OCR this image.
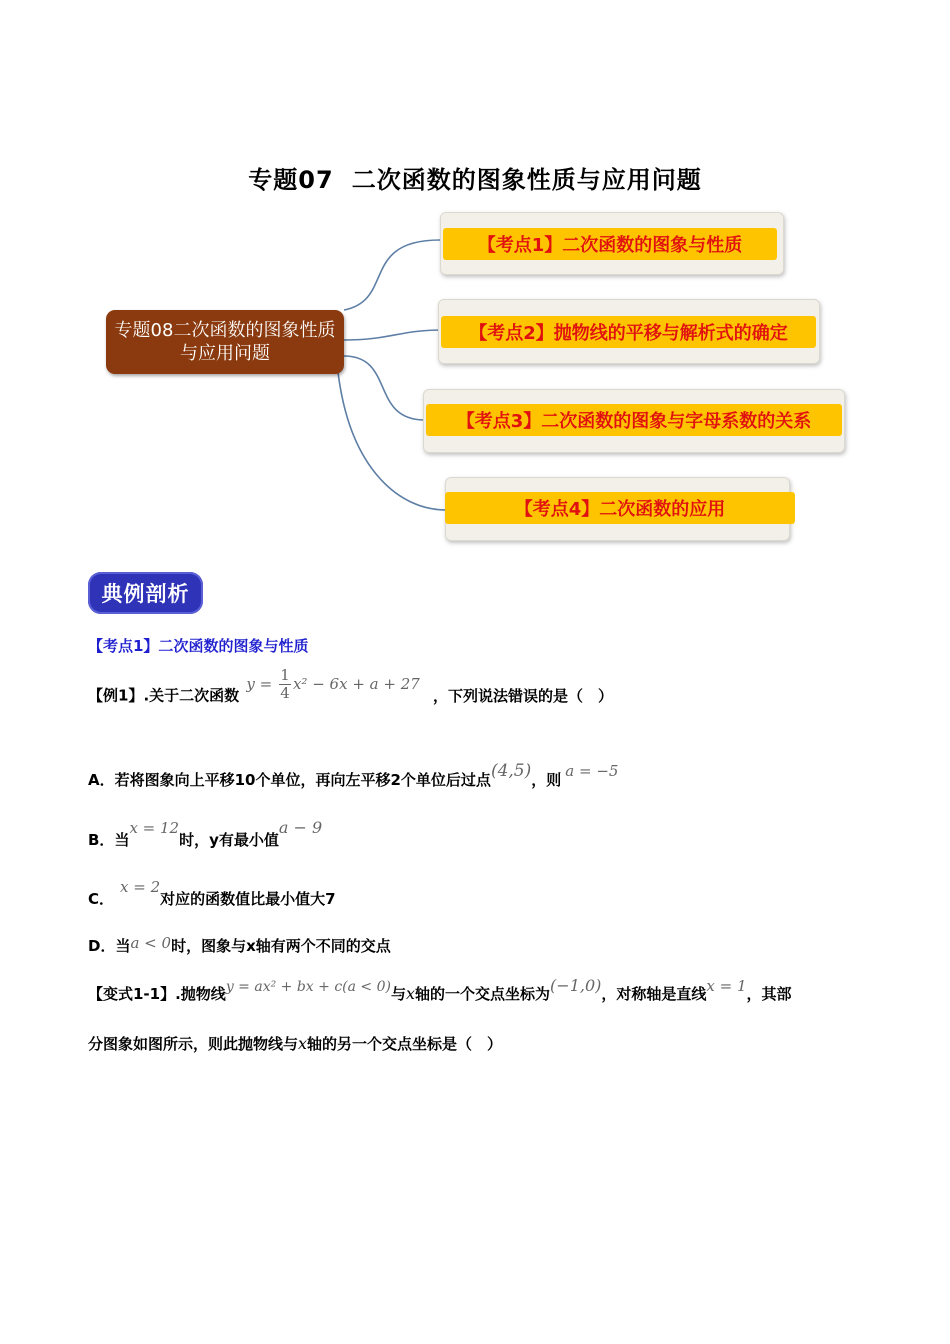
专题07 二次函数的图象性质与应用问题
专题08二次函数的图象性质与应用问题
【考点1】二次函数的图象与性质
【考点2】抛物线的平移与解析式的确定
【考点3】二次函数的图象与字母系数的关系
【考点4】二次函数的应用
典例剖析
【考点1】二次函数的图象与性质
【例1】.关于二次函数 $y = \frac{1}{4} x^2 - 6x + a + 27$ ，下列说法错误的是（　）
A．若将图象向上平移10个单位，再向左平移2个单位后过点(4,5)，则 a = −5
B．当x = 12时，y有最小值a − 9
C．x = 2对应的函数值比最小值大7
D．当a < 0时，图象与x轴有两个不同的交点
【变式1-1】.抛物线y = ax² + bx + c(a < 0)与x轴的一个交点坐标为(−1,0)，对称轴是直线x = 1，其部
分图象如图所示，则此抛物线与x轴的另一个交点坐标是（　）
